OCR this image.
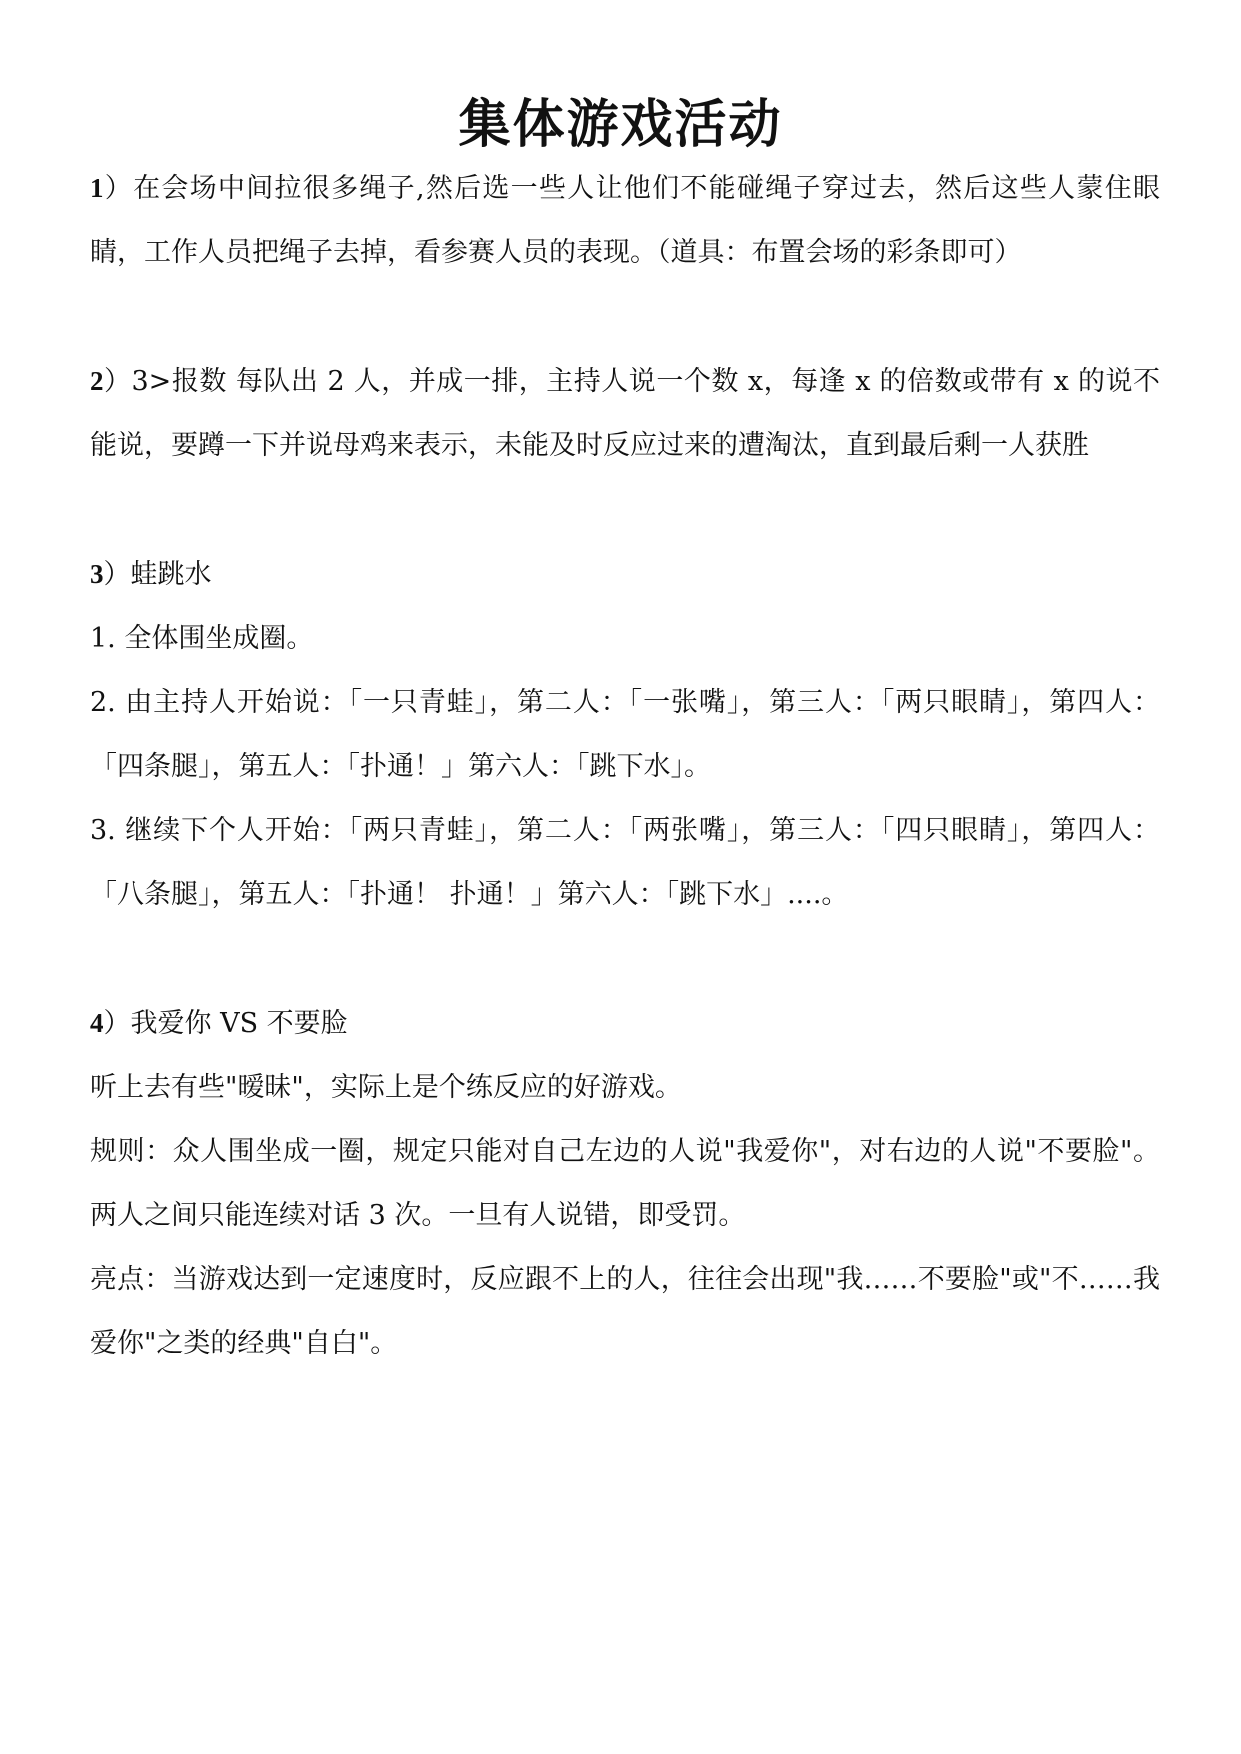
集体游戏活动

1）在会场中间拉很多绳子,然后选一些人让他们不能碰绳子穿过去，然后这些人蒙住眼睛，工作人员把绳子去掉，看参赛人员的表现。（道具：布置会场的彩条即可）

2）3>报数 每队出 2 人，并成一排，主持人说一个数 x，每逢 x 的倍数或带有 x 的说不能说，要蹲一下并说母鸡来表示，未能及时反应过来的遭淘汰，直到最后剩一人获胜

3）蛙跳水

1. 全体围坐成圈。

2. 由主持人开始说：「一只青蛙」，第二人：「一张嘴」，第三人：「两只眼睛」，第四人：「四条腿」，第五人：「扑通！」第六人：「跳下水」。

3. 继续下个人开始：「两只青蛙」，第二人：「两张嘴」，第三人：「四只眼睛」，第四人：「八条腿」，第五人：「扑通！ 扑通！」第六人：「跳下水」....。

4）我爱你 VS 不要脸

听上去有些"暧昧"，实际上是个练反应的好游戏。

规则：众人围坐成一圈，规定只能对自己左边的人说"我爱你"，对右边的人说"不要脸"。两人之间只能连续对话 3 次。一旦有人说错，即受罚。

亮点：当游戏达到一定速度时，反应跟不上的人，往往会出现"我……不要脸"或"不……我爱你"之类的经典"自白"。
